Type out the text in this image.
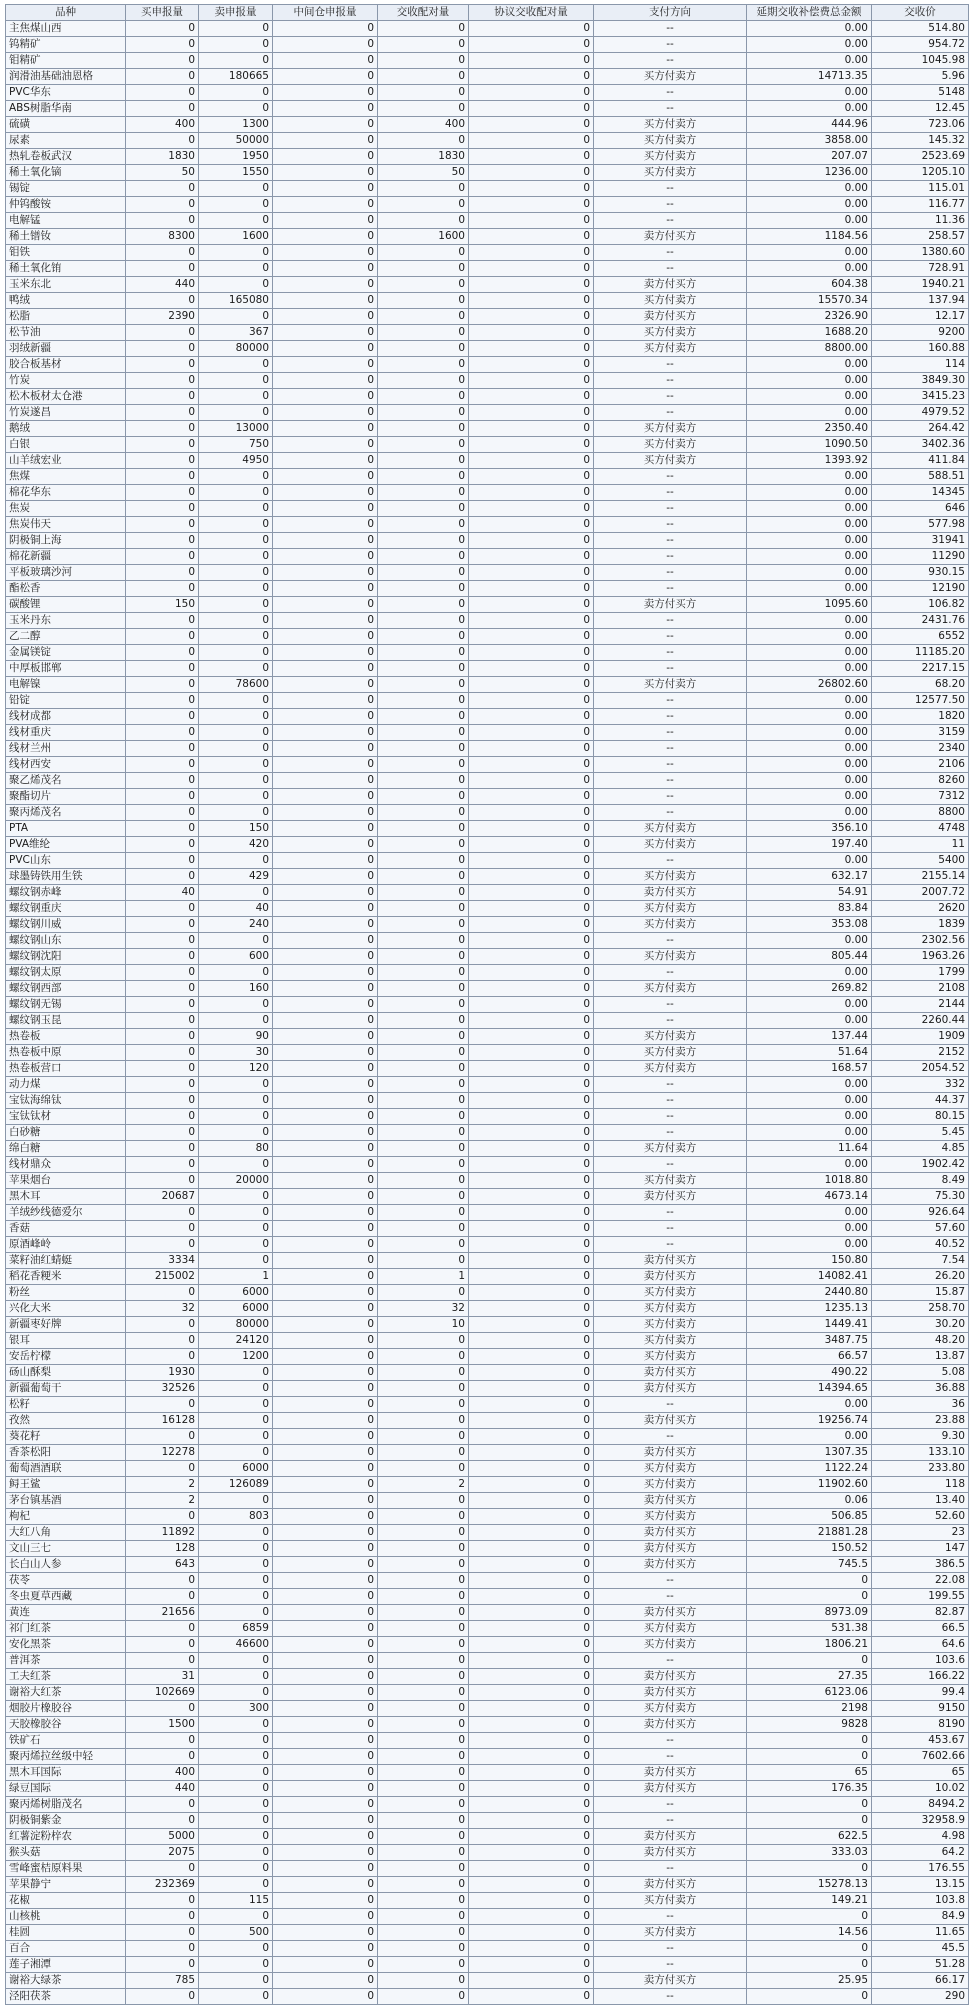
品种	买申报量	卖申报量	中间仓申报量	交收配对量	协议交收配对量	支付方向	延期交收补偿费总金额	交收价
主焦煤山西	0	0	0	0	0	--	0.00	514.80
钨精矿	0	0	0	0	0	--	0.00	954.72
钼精矿	0	0	0	0	0	--	0.00	1045.98
润滑油基础油恩格	0	180665	0	0	0	买方付卖方	14713.35	5.96
PVC华东	0	0	0	0	0	--	0.00	5148
ABS树脂华南	0	0	0	0	0	--	0.00	12.45
硫磺	400	1300	0	400	0	买方付卖方	444.96	723.06
尿素	0	50000	0	0	0	买方付卖方	3858.00	145.32
热轧卷板武汉	1830	1950	0	1830	0	买方付卖方	207.07	2523.69
稀土氧化镝	50	1550	0	50	0	买方付卖方	1236.00	1205.10
锡锭	0	0	0	0	0	--	0.00	115.01
仲钨酸铵	0	0	0	0	0	--	0.00	116.77
电解锰	0	0	0	0	0	--	0.00	11.36
稀土镨钕	8300	1600	0	1600	0	卖方付买方	1184.56	258.57
钼铁	0	0	0	0	0	--	0.00	1380.60
稀土氧化铕	0	0	0	0	0	--	0.00	728.91
玉米东北	440	0	0	0	0	卖方付买方	604.38	1940.21
鸭绒	0	165080	0	0	0	买方付卖方	15570.34	137.94
松脂	2390	0	0	0	0	卖方付买方	2326.90	12.17
松节油	0	367	0	0	0	买方付卖方	1688.20	9200
羽绒新疆	0	80000	0	0	0	买方付卖方	8800.00	160.88
胶合板基材	0	0	0	0	0	--	0.00	114
竹炭	0	0	0	0	0	--	0.00	3849.30
松木板材太仓港	0	0	0	0	0	--	0.00	3415.23
竹炭遂昌	0	0	0	0	0	--	0.00	4979.52
鹅绒	0	13000	0	0	0	买方付卖方	2350.40	264.42
白银	0	750	0	0	0	买方付卖方	1090.50	3402.36
山羊绒宏业	0	4950	0	0	0	买方付卖方	1393.92	411.84
焦煤	0	0	0	0	0	--	0.00	588.51
棉花华东	0	0	0	0	0	--	0.00	14345
焦炭	0	0	0	0	0	--	0.00	646
焦炭伟天	0	0	0	0	0	--	0.00	577.98
阴极铜上海	0	0	0	0	0	--	0.00	31941
棉花新疆	0	0	0	0	0	--	0.00	11290
平板玻璃沙河	0	0	0	0	0	--	0.00	930.15
酯松香	0	0	0	0	0	--	0.00	12190
碳酸锂	150	0	0	0	0	卖方付买方	1095.60	106.82
玉米丹东	0	0	0	0	0	--	0.00	2431.76
乙二醇	0	0	0	0	0	--	0.00	6552
金属镁锭	0	0	0	0	0	--	0.00	11185.20
中厚板邯郸	0	0	0	0	0	--	0.00	2217.15
电解镍	0	78600	0	0	0	买方付卖方	26802.60	68.20
铅锭	0	0	0	0	0	--	0.00	12577.50
线材成都	0	0	0	0	0	--	0.00	1820
线材重庆	0	0	0	0	0	--	0.00	3159
线材兰州	0	0	0	0	0	--	0.00	2340
线材西安	0	0	0	0	0	--	0.00	2106
聚乙烯茂名	0	0	0	0	0	--	0.00	8260
聚酯切片	0	0	0	0	0	--	0.00	7312
聚丙烯茂名	0	0	0	0	0	--	0.00	8800
PTA	0	150	0	0	0	买方付卖方	356.10	4748
PVA维纶	0	420	0	0	0	买方付卖方	197.40	11
PVC山东	0	0	0	0	0	--	0.00	5400
球墨铸铁用生铁	0	429	0	0	0	买方付卖方	632.17	2155.14
螺纹钢赤峰	40	0	0	0	0	卖方付买方	54.91	2007.72
螺纹钢重庆	0	40	0	0	0	买方付卖方	83.84	2620
螺纹钢川威	0	240	0	0	0	买方付卖方	353.08	1839
螺纹钢山东	0	0	0	0	0	--	0.00	2302.56
螺纹钢沈阳	0	600	0	0	0	买方付卖方	805.44	1963.26
螺纹钢太原	0	0	0	0	0	--	0.00	1799
螺纹钢西部	0	160	0	0	0	买方付卖方	269.82	2108
螺纹钢无锡	0	0	0	0	0	--	0.00	2144
螺纹钢玉昆	0	0	0	0	0	--	0.00	2260.44
热卷板	0	90	0	0	0	买方付卖方	137.44	1909
热卷板中原	0	30	0	0	0	买方付卖方	51.64	2152
热卷板营口	0	120	0	0	0	买方付卖方	168.57	2054.52
动力煤	0	0	0	0	0	--	0.00	332
宝钛海绵钛	0	0	0	0	0	--	0.00	44.37
宝钛钛材	0	0	0	0	0	--	0.00	80.15
白砂糖	0	0	0	0	0	--	0.00	5.45
绵白糖	0	80	0	0	0	买方付卖方	11.64	4.85
线材鼎众	0	0	0	0	0	--	0.00	1902.42
苹果烟台	0	20000	0	0	0	买方付卖方	1018.80	8.49
黑木耳	20687	0	0	0	0	卖方付买方	4673.14	75.30
羊绒纱线德爱尔	0	0	0	0	0	--	0.00	926.64
香菇	0	0	0	0	0	--	0.00	57.60
原酒峰岭	0	0	0	0	0	--	0.00	40.52
菜籽油红蜻蜓	3334	0	0	0	0	卖方付买方	150.80	7.54
稻花香粳米	215002	1	0	1	0	卖方付买方	14082.41	26.20
粉丝	0	6000	0	0	0	买方付卖方	2440.80	15.87
兴化大米	32	6000	0	32	0	买方付卖方	1235.13	258.70
新疆枣好牌	0	80000	0	10	0	买方付卖方	1449.41	30.20
银耳	0	24120	0	0	0	买方付卖方	3487.75	48.20
安岳柠檬	0	1200	0	0	0	买方付卖方	66.57	13.87
砀山酥梨	1930	0	0	0	0	卖方付买方	490.22	5.08
新疆葡萄干	32526	0	0	0	0	卖方付买方	14394.65	36.88
松籽	0	0	0	0	0	--	0.00	36
孜然	16128	0	0	0	0	卖方付买方	19256.74	23.88
葵花籽	0	0	0	0	0	--	0.00	9.30
香茶松阳	12278	0	0	0	0	卖方付买方	1307.35	133.10
葡萄酒酒联	0	6000	0	0	0	买方付卖方	1122.24	233.80
鲟王鲨	2	126089	0	2	0	买方付卖方	11902.60	118
茅台镇基酒	2	0	0	0	0	卖方付买方	0.06	13.40
枸杞	0	803	0	0	0	买方付卖方	506.85	52.60
大红八角	11892	0	0	0	0	卖方付买方	21881.28	23
文山三七	128	0	0	0	0	卖方付买方	150.52	147
长白山人参	643	0	0	0	0	卖方付买方	745.5	386.5
茯苓	0	0	0	0	0	--	0	22.08
冬虫夏草西藏	0	0	0	0	0	--	0	199.55
黄连	21656	0	0	0	0	卖方付买方	8973.09	82.87
祁门红茶	0	6859	0	0	0	买方付卖方	531.38	66.5
安化黑茶	0	46600	0	0	0	买方付卖方	1806.21	64.6
普洱茶	0	0	0	0	0	--	0	103.6
工夫红茶	31	0	0	0	0	卖方付买方	27.35	166.22
谢裕大红茶	102669	0	0	0	0	卖方付买方	6123.06	99.4
烟胶片橡胶谷	0	300	0	0	0	买方付卖方	2198	9150
天胶橡胶谷	1500	0	0	0	0	卖方付买方	9828	8190
铁矿石	0	0	0	0	0	--	0	453.67
聚丙烯拉丝级中轻	0	0	0	0	0	--	0	7602.66
黑木耳国际	400	0	0	0	0	卖方付买方	65	65
绿豆国际	440	0	0	0	0	卖方付买方	176.35	10.02
聚丙烯树脂茂名	0	0	0	0	0	--	0	8494.2
阴极铜紫金	0	0	0	0	0	--	0	32958.9
红薯淀粉梓农	5000	0	0	0	0	卖方付买方	622.5	4.98
猴头菇	2075	0	0	0	0	卖方付买方	333.03	64.2
雪峰蜜桔原料果	0	0	0	0	0	--	0	176.55
苹果静宁	232369	0	0	0	0	卖方付买方	15278.13	13.15
花椒	0	115	0	0	0	买方付卖方	149.21	103.8
山核桃	0	0	0	0	0	--	0	84.9
桂圆	0	500	0	0	0	买方付卖方	14.56	11.65
百合	0	0	0	0	0	--	0	45.5
莲子湘潭	0	0	0	0	0	--	0	51.28
谢裕大绿茶	785	0	0	0	0	卖方付买方	25.95	66.17
泾阳茯茶	0	0	0	0	0	--	0	290
